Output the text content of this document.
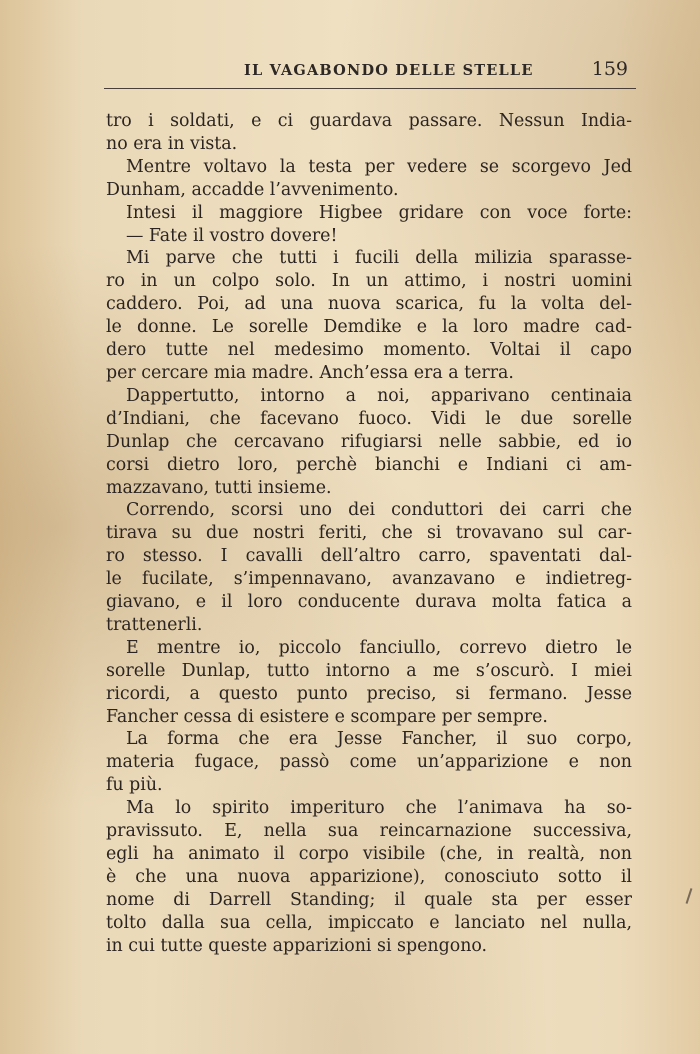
IL VAGABONDO DELLE STELLE	159
tro i soldati, e ci guardava passare. Nessun India-
no era in vista.
Mentre voltavo la testa per vedere se scorgevo Jed
Dunham, accadde l’avvenimento.
Intesi il maggiore Higbee gridare con voce forte:
— Fate il vostro dovere!
Mi parve che tutti i fucili della milizia sparasse-
ro in un colpo solo. In un attimo, i nostri uomini
caddero. Poi, ad una nuova scarica, fu la volta del-
le donne. Le sorelle Demdike e la loro madre cad-
dero tutte nel medesimo momento. Voltai il capo
per cercare mia madre. Anch’essa era a terra.
Dappertutto, intorno a noi, apparivano centinaia
d’Indiani, che facevano fuoco. Vidi le due sorelle
Dunlap che cercavano rifugiarsi nelle sabbie, ed io
corsi dietro loro, perchè bianchi e Indiani ci am-
mazzavano, tutti insieme.
Correndo, scorsi uno dei conduttori dei carri che
tirava su due nostri feriti, che si trovavano sul car-
ro stesso. I cavalli dell’altro carro, spaventati dal-
le fucilate, s’impennavano, avanzavano e indietreg-
giavano, e il loro conducente durava molta fatica a
trattenerli.
E mentre io, piccolo fanciullo, correvo dietro le
sorelle Dunlap, tutto intorno a me s’oscurò. I miei
ricordi, a questo punto preciso, si fermano. Jesse
Fancher cessa di esistere e scompare per sempre.
La forma che era Jesse Fancher, il suo corpo,
materia fugace, passò come un’apparizione e non
fu più.
Ma lo spirito imperituro che l’animava ha so-
pravissuto. E, nella sua reincarnazione successiva,
egli ha animato il corpo visibile (che, in realtà, non
è che una nuova apparizione), conosciuto sotto il
nome di Darrell Standing; il quale sta per esser
tolto dalla sua cella, impiccato e lanciato nel nulla,
in cui tutte queste apparizioni si spengono.
